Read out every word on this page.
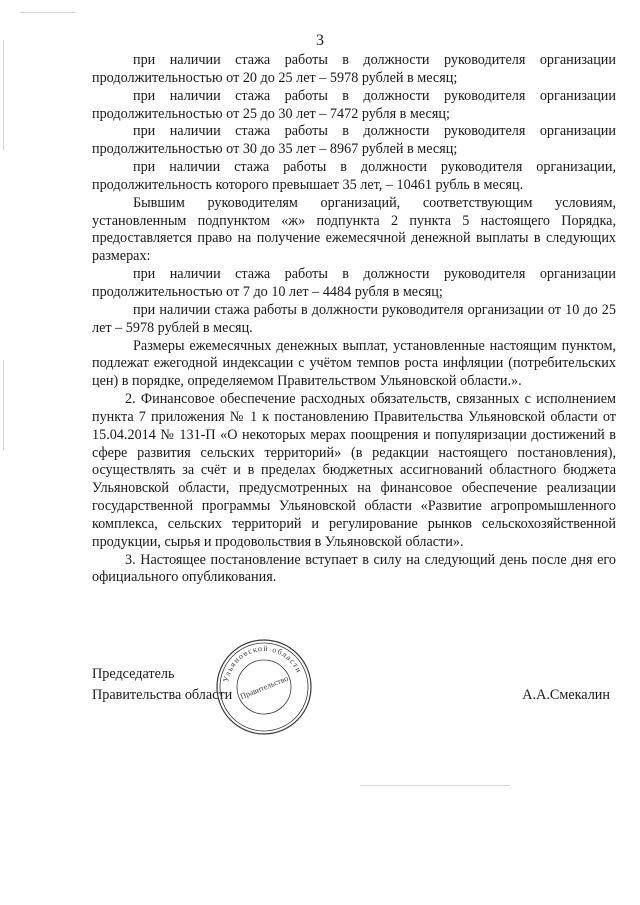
3

при наличии стажа работы в должности руководителя организации продолжительностью от 20 до 25 лет – 5978 рублей в месяц;

при наличии стажа работы в должности руководителя организации продолжительностью от 25 до 30 лет – 7472 рубля в месяц;

при наличии стажа работы в должности руководителя организации продолжительностью от 30 до 35 лет – 8967 рублей в месяц;

при наличии стажа работы в должности руководителя организации, продолжительность которого превышает 35 лет, – 10461 рубль в месяц.

Бывшим руководителям организаций, соответствующим условиям, установленным подпунктом «ж» подпункта 2 пункта 5 настоящего Порядка, предоставляется право на получение ежемесячной денежной выплаты в следующих размерах:

при наличии стажа работы в должности руководителя организации продолжительностью от 7 до 10 лет – 4484 рубля в месяц;

при наличии стажа работы в должности руководителя организации от 10 до 25 лет – 5978 рублей в месяц.

Размеры ежемесячных денежных выплат, установленные настоящим пунктом, подлежат ежегодной индексации с учётом темпов роста инфляции (потребительских цен) в порядке, определяемом Правительством Ульяновской области.».

2. Финансовое обеспечение расходных обязательств, связанных с исполнением пункта 7 приложения № 1 к постановлению Правительства Ульяновской области от 15.04.2014 № 131-П «О некоторых мерах поощрения и популяризации достижений в сфере развития сельских территорий» (в редакции настоящего постановления), осуществлять за счёт и в пределах бюджетных ассигнований областного бюджета Ульяновской области, предусмотренных на финансовое обеспечение реализации государственной программы Ульяновской области «Развитие агропромышленного комплекса, сельских территорий и регулирование рынков сельскохозяйственной продукции, сырья и продовольствия в Ульяновской области».

3. Настоящее постановление вступает в силу на следующий день после дня его официального опубликования.

Председатель
Правительства области	А.А.Смекалин
Ульяновской области
Правительство
